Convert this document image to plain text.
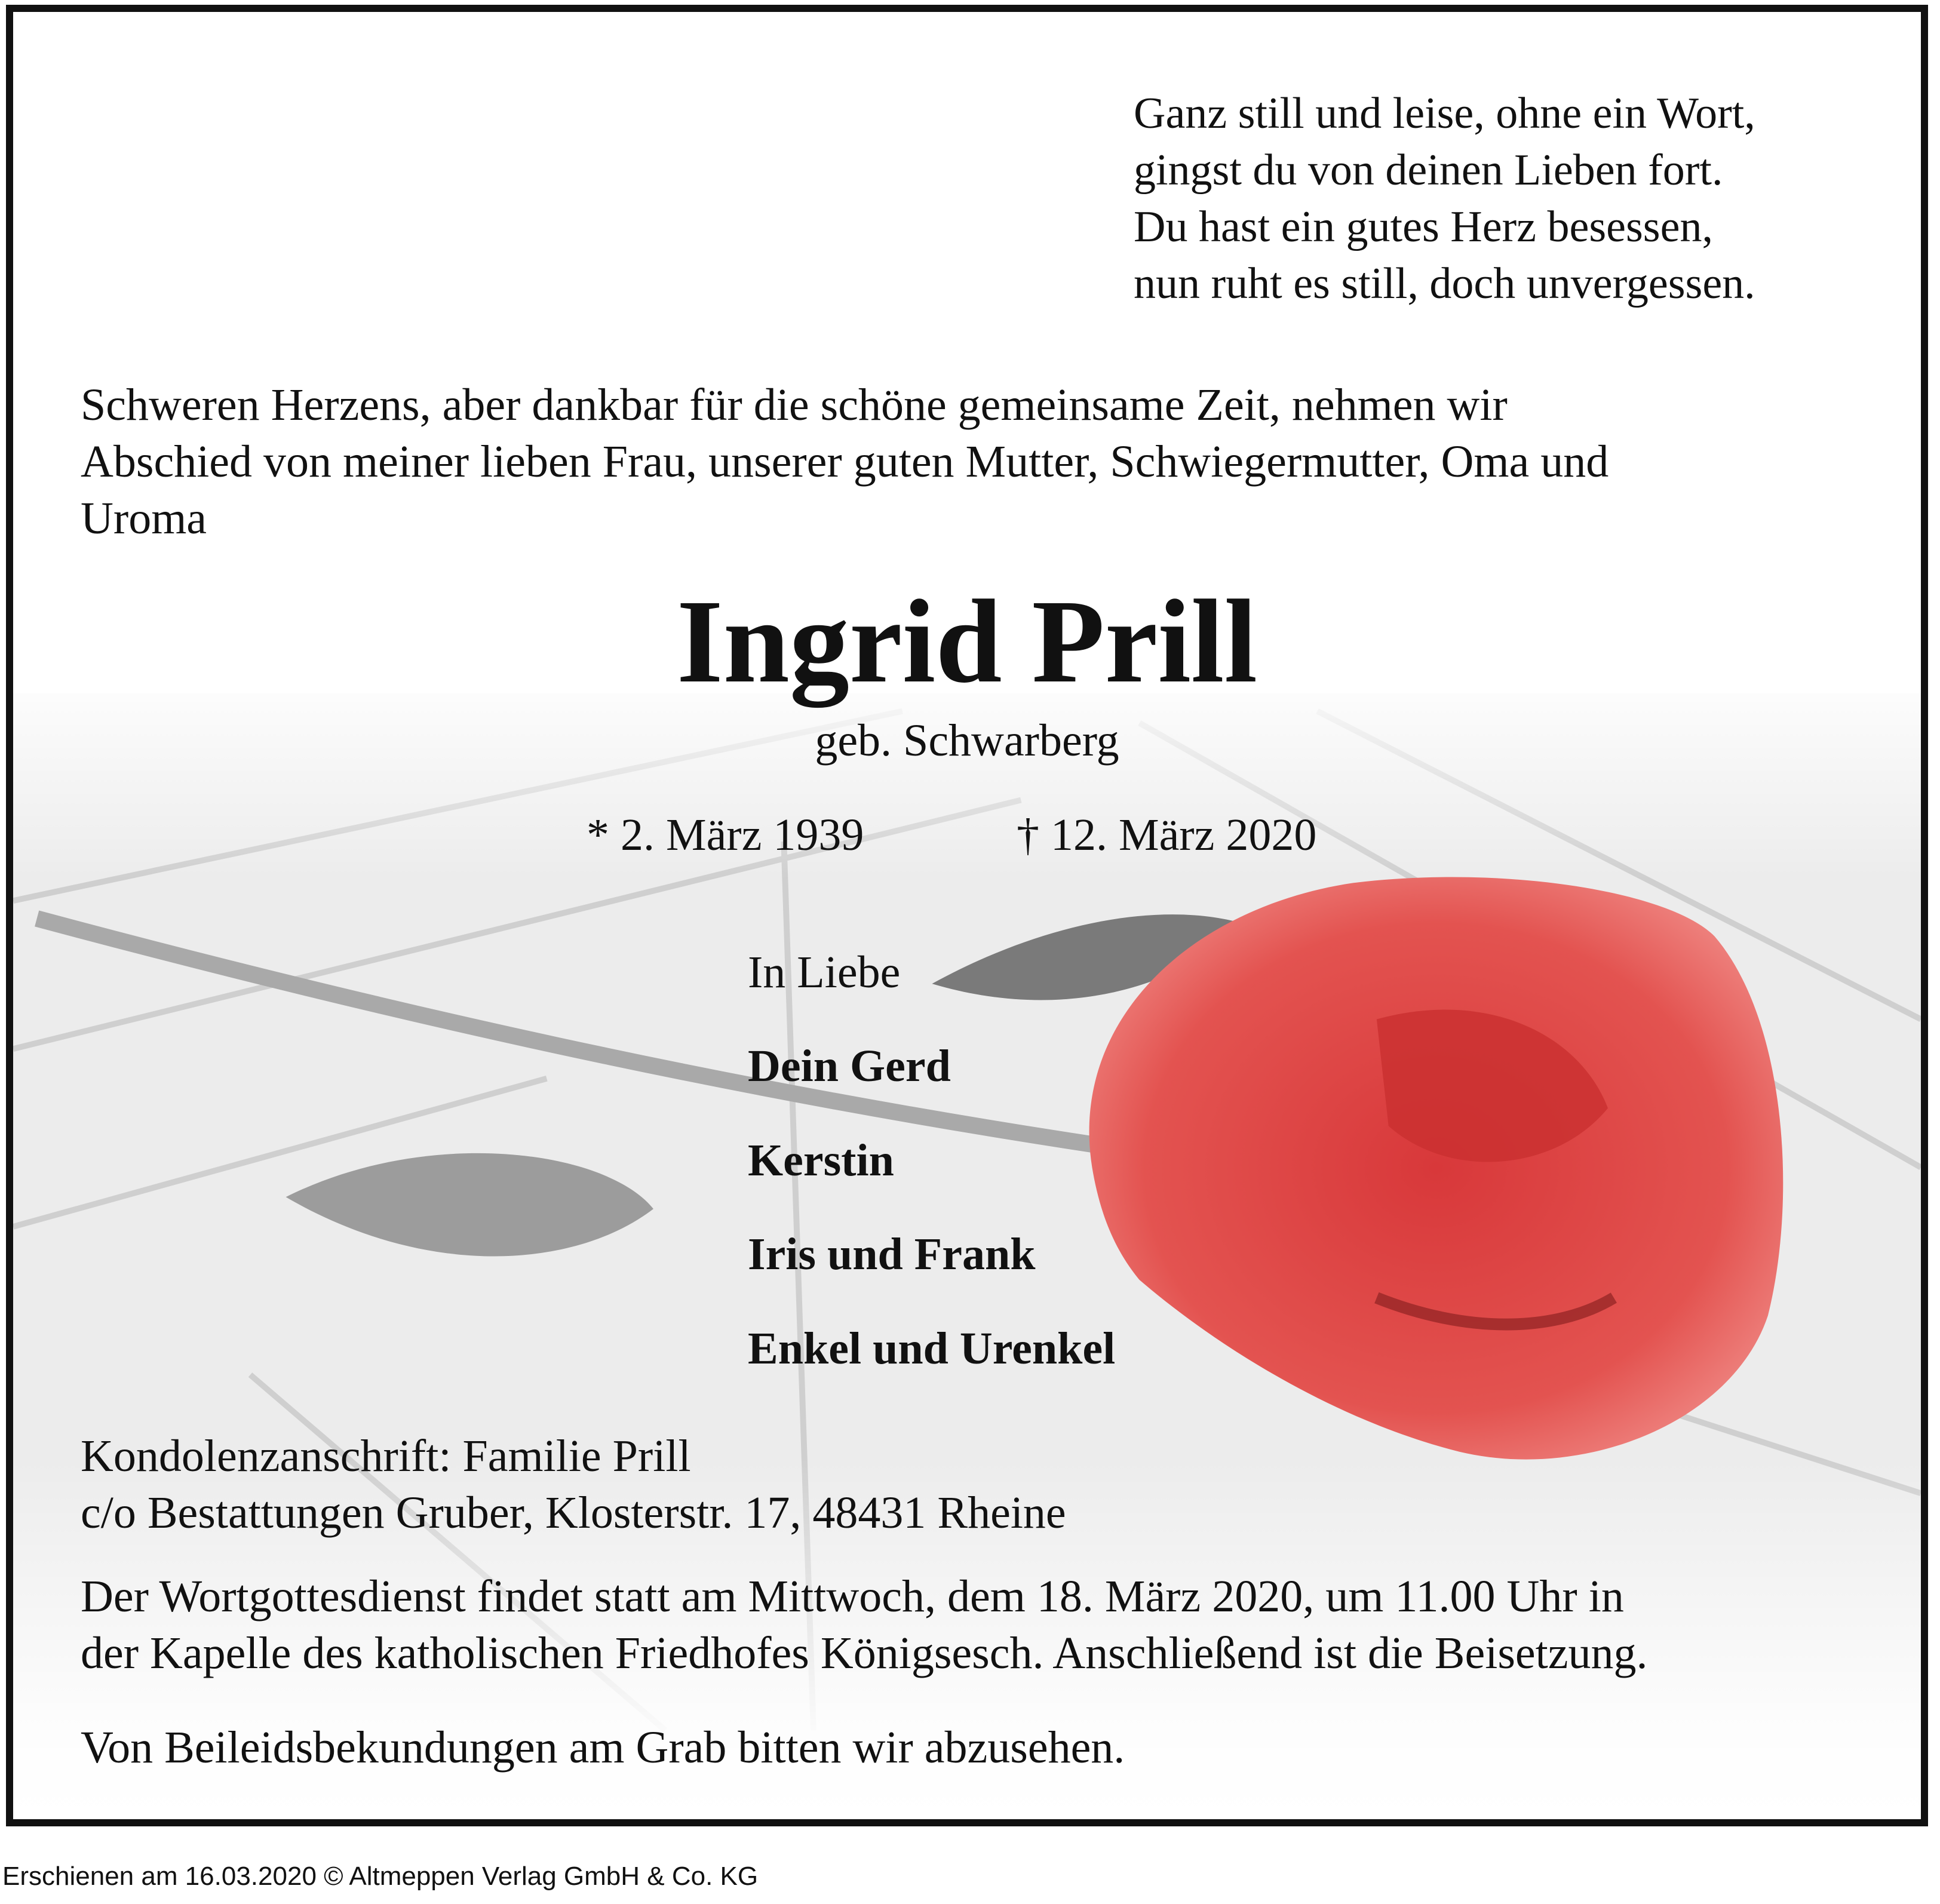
Ganz still und leise, ohne ein Wort,

gingst du von deinen Lieben fort.

Du hast ein gutes Herz besessen,

nun ruht es still, doch unvergessen.

Schweren Herzens, aber dankbar für die schöne gemeinsame Zeit, nehmen wir

Abschied von meiner lieben Frau, unserer guten Mutter, Schwiegermutter, Oma und

Uroma

Ingrid Prill

geb. Schwarberg

* 2. März 1939	† 12. März 2020

In Liebe

Dein Gerd

Kerstin

Iris und Frank

Enkel und Urenkel

Kondolenzanschrift: Familie Prill

c/o Bestattungen Gruber, Klosterstr. 17, 48431 Rheine

Der Wortgottesdienst findet statt am Mittwoch, dem 18. März 2020, um 11.00 Uhr in

der Kapelle des katholischen Friedhofes Königsesch. Anschließend ist die Beisetzung.

Von Beileidsbekundungen am Grab bitten wir abzusehen.

Erschienen am 16.03.2020 © Altmeppen Verlag GmbH & Co. KG
